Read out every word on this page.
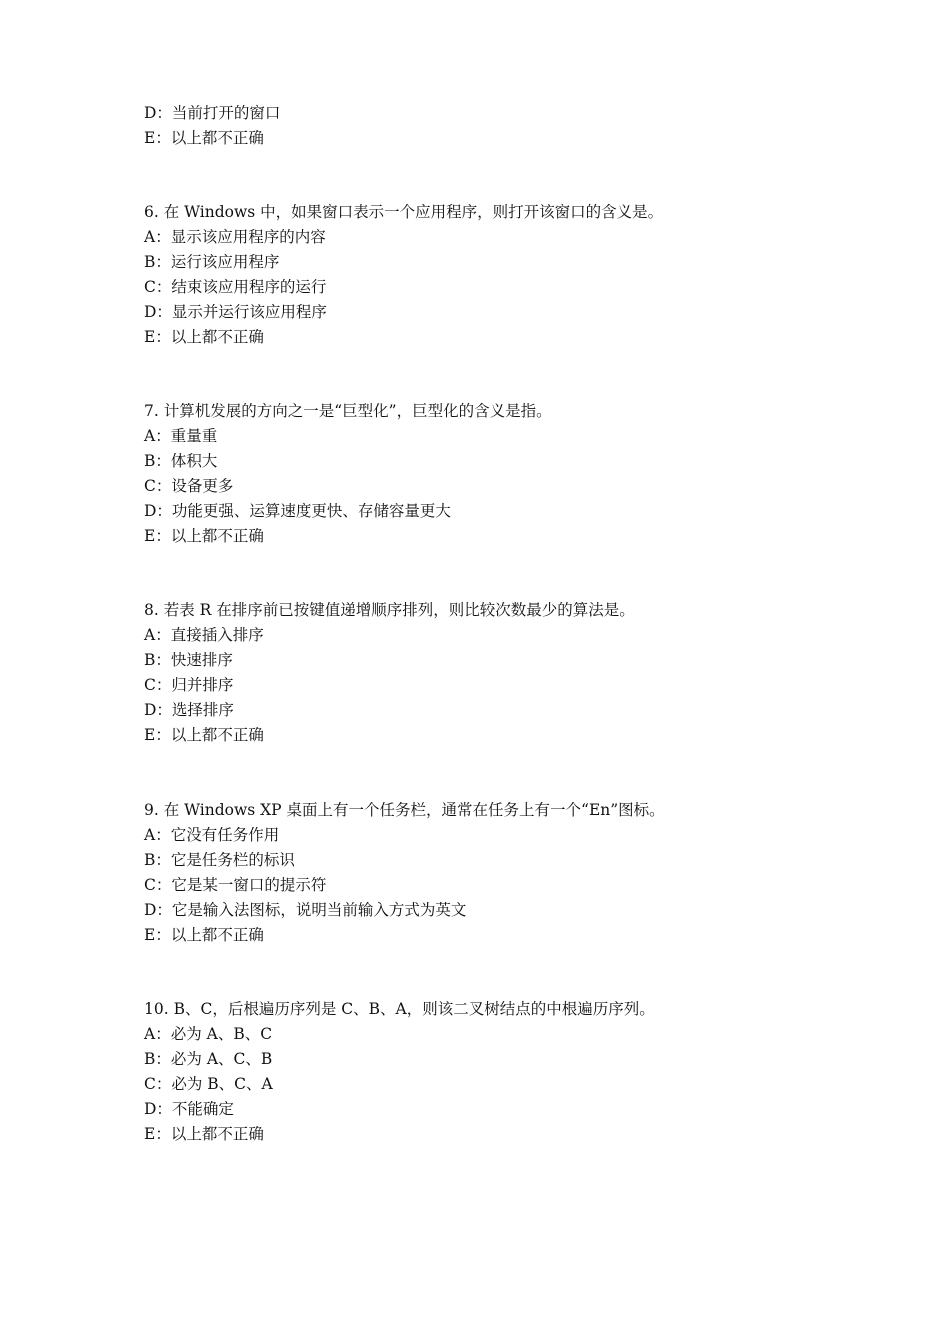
D：当前打开的窗口
E：以上都不正确
6. 在 Windows 中，如果窗口表示一个应用程序，则打开该窗口的含义是。
A：显示该应用程序的内容
B：运行该应用程序
C：结束该应用程序的运行
D：显示并运行该应用程序
E：以上都不正确
7. 计算机发展的方向之一是“巨型化”，巨型化的含义是指。
A：重量重
B：体积大
C：设备更多
D：功能更强、运算速度更快、存储容量更大
E：以上都不正确
8. 若表 R 在排序前已按键值递增顺序排列，则比较次数最少的算法是。
A：直接插入排序
B：快速排序
C：归并排序
D：选择排序
E：以上都不正确
9. 在 Windows XP 桌面上有一个任务栏，通常在任务上有一个“En”图标。
A：它没有任务作用
B：它是任务栏的标识
C：它是某一窗口的提示符
D：它是输入法图标，说明当前输入方式为英文
E：以上都不正确
10. B、C，后根遍历序列是 C、B、A，则该二叉树结点的中根遍历序列。
A：必为 A、B、C
B：必为 A、C、B
C：必为 B、C、A
D：不能确定
E：以上都不正确
